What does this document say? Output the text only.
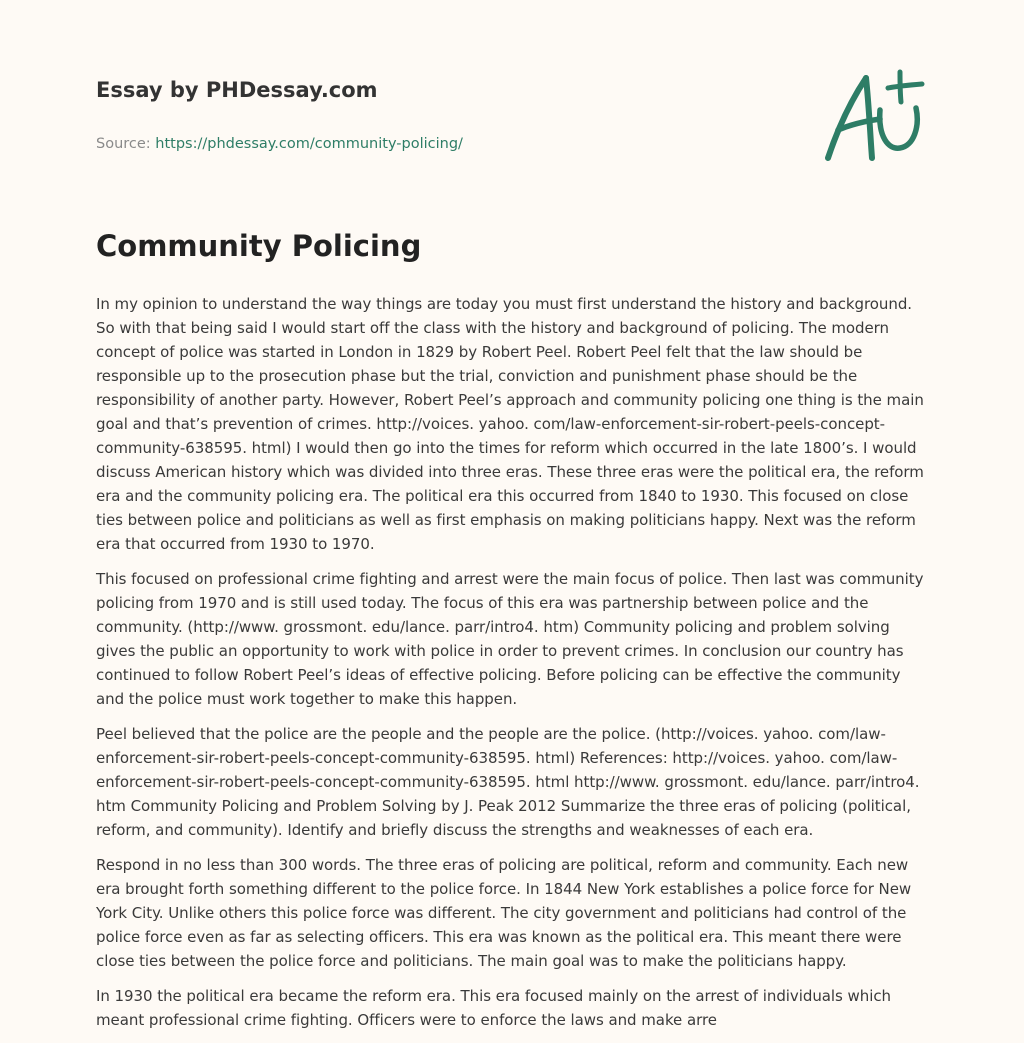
Essay by PHDessay.com
Source: https://phdessay.com/community-policing/
Community Policing

In my opinion to understand the way things are today you must first understand the history and background. So with that being said I would start off the class with the history and background of policing. The modern concept of police was started in London in 1829 by Robert Peel. Robert Peel felt that the law should be responsible up to the prosecution phase but the trial, conviction and punishment phase should be the responsibility of another party. However, Robert Peel’s approach and community policing one thing is the main goal and that’s prevention of crimes. http://voices. yahoo. com/law-enforcement-sir-robert-peels-concept-community-638595. html) I would then go into the times for reform which occurred in the late 1800’s. I would discuss American history which was divided into three eras. These three eras were the political era, the reform era and the community policing era. The political era this occurred from 1840 to 1930. This focused on close ties between police and politicians as well as first emphasis on making politicians happy. Next was the reform era that occurred from 1930 to 1970.

This focused on professional crime fighting and arrest were the main focus of police. Then last was community policing from 1970 and is still used today. The focus of this era was partnership between police and the community. (http://www. grossmont. edu/lance. parr/intro4. htm) Community policing and problem solving gives the public an opportunity to work with police in order to prevent crimes. In conclusion our country has continued to follow Robert Peel’s ideas of effective policing. Before policing can be effective the community and the police must work together to make this happen.

Peel believed that the police are the people and the people are the police. (http://voices. yahoo. com/law-enforcement-sir-robert-peels-concept-community-638595. html) References: http://voices. yahoo. com/law-enforcement-sir-robert-peels-concept-community-638595. html http://www. grossmont. edu/lance. parr/intro4. htm Community Policing and Problem Solving by J. Peak 2012 Summarize the three eras of policing (political, reform, and community). Identify and briefly discuss the strengths and weaknesses of each era.

Respond in no less than 300 words. The three eras of policing are political, reform and community. Each new era brought forth something different to the police force. In 1844 New York establishes a police force for New York City. Unlike others this police force was different. The city government and politicians had control of the police force even as far as selecting officers. This era was known as the political era. This meant there were close ties between the police force and politicians. The main goal was to make the politicians happy.

In 1930 the political era became the reform era. This era focused mainly on the arrest of individuals which meant professional crime fighting. Officers were to enforce the laws and make arre
